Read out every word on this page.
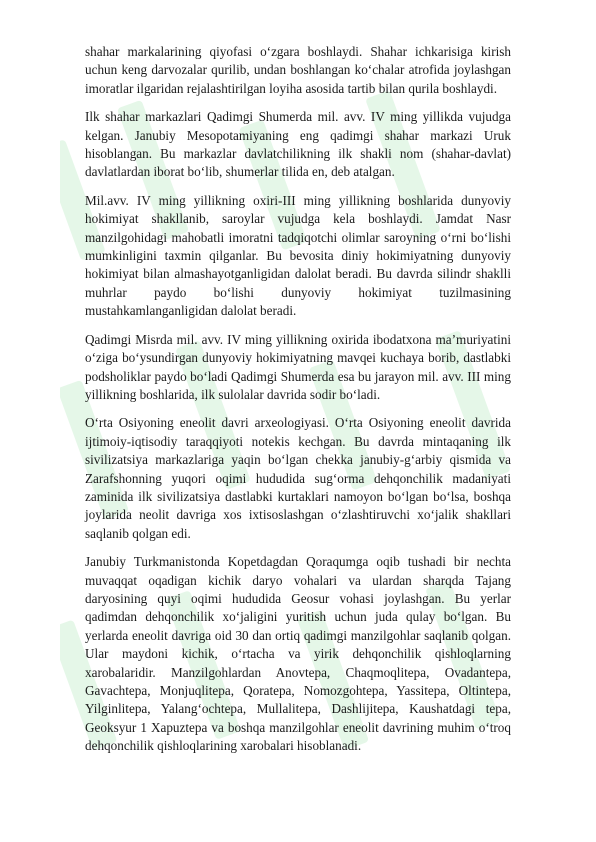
shahar markalarining qiyofasi o‘zgara boshlaydi. Shahar ichkarisiga kirish uchun keng darvozalar qurilib, undan boshlangan ko‘chalar atrofida joylashgan imoratlar ilgaridan rejalashtirilgan loyiha asosida tartib bilan qurila boshlaydi.

Ilk shahar markazlari Qadimgi Shumerda mil. avv. IV ming yillikda vujudga kelgan. Janubiy Mesopotamiyaning eng qadimgi shahar markazi Uruk hisoblangan. Bu markazlar davlatchilikning ilk shakli nom (shahar-davlat) davlatlardan iborat bo‘lib, shumerlar tilida en, deb atalgan.

Mil.avv. IV ming yillikning oxiri-III ming yillikning boshlarida dunyoviy hokimiyat shakllanib, saroylar vujudga kela boshlaydi. Jamdat Nasr manzilgohidagi mahobatli imoratni tadqiqotchi olimlar saroyning o‘rni bo‘lishi mumkinligini taxmin qilganlar. Bu bevosita diniy hokimiyatning dunyoviy hokimiyat bilan almashayotganligidan dalolat beradi. Bu davrda silindr shaklli muhrlar paydo bo‘lishi dunyoviy hokimiyat tuzilmasining mustahkamlanganligidan dalolat beradi.

Qadimgi Misrda mil. avv. IV ming yillikning oxirida ibodatxona ma’muriyatini o‘ziga bo‘ysundirgan dunyoviy hokimiyatning mavqei kuchaya borib, dastlabki podsholiklar paydo bo‘ladi Qadimgi Shumerda esa bu jarayon mil. avv. III ming yillikning boshlarida, ilk sulolalar davrida sodir bo‘ladi.

O‘rta Osiyoning eneolit davri arxeologiyasi. O‘rta Osiyoning eneolit davrida ijtimoiy-iqtisodiy taraqqiyoti notekis kechgan. Bu davrda mintaqaning ilk sivilizatsiya markazlariga yaqin bo‘lgan chekka janubiy-g‘arbiy qismida va Zarafshonning yuqori oqimi hududida sug‘orma dehqonchilik madaniyati zaminida ilk sivilizatsiya dastlabki kurtaklari namoyon bo‘lgan bo‘lsa, boshqa joylarida neolit davriga xos ixtisoslashgan o‘zlashtiruvchi xo‘jalik shakllari saqlanib qolgan edi.

Janubiy Turkmanistonda Kopetdagdan Qoraqumga oqib tushadi bir nechta muvaqqat oqadigan kichik daryo vohalari va ulardan sharqda Tajang daryosining quyi oqimi hududida Geosur vohasi joylashgan. Bu yerlar qadimdan dehqonchilik xo‘jaligini yuritish uchun juda qulay bo‘lgan. Bu yerlarda eneolit davriga oid 30 dan ortiq qadimgi manzilgohlar saqlanib qolgan. Ular maydoni kichik, o‘rtacha va yirik dehqonchilik qishloqlarning xarobalaridir. Manzilgohlardan Anovtepa, Chaqmoqlitepa, Ovadantepa, Gavachtepa, Monjuqlitepa, Qoratepa, Nomozgohtepa, Yassitepa, Oltintepa, Yilginlitepa, Yalang‘ochtepa, Mullalitepa, Dashlijitepa, Kaushatdagi tepa, Geoksyur 1 Xapuztepa va boshqa manzilgohlar eneolit davrining muhim o‘troq dehqonchilik qishloqlarining xarobalari hisoblanadi.
